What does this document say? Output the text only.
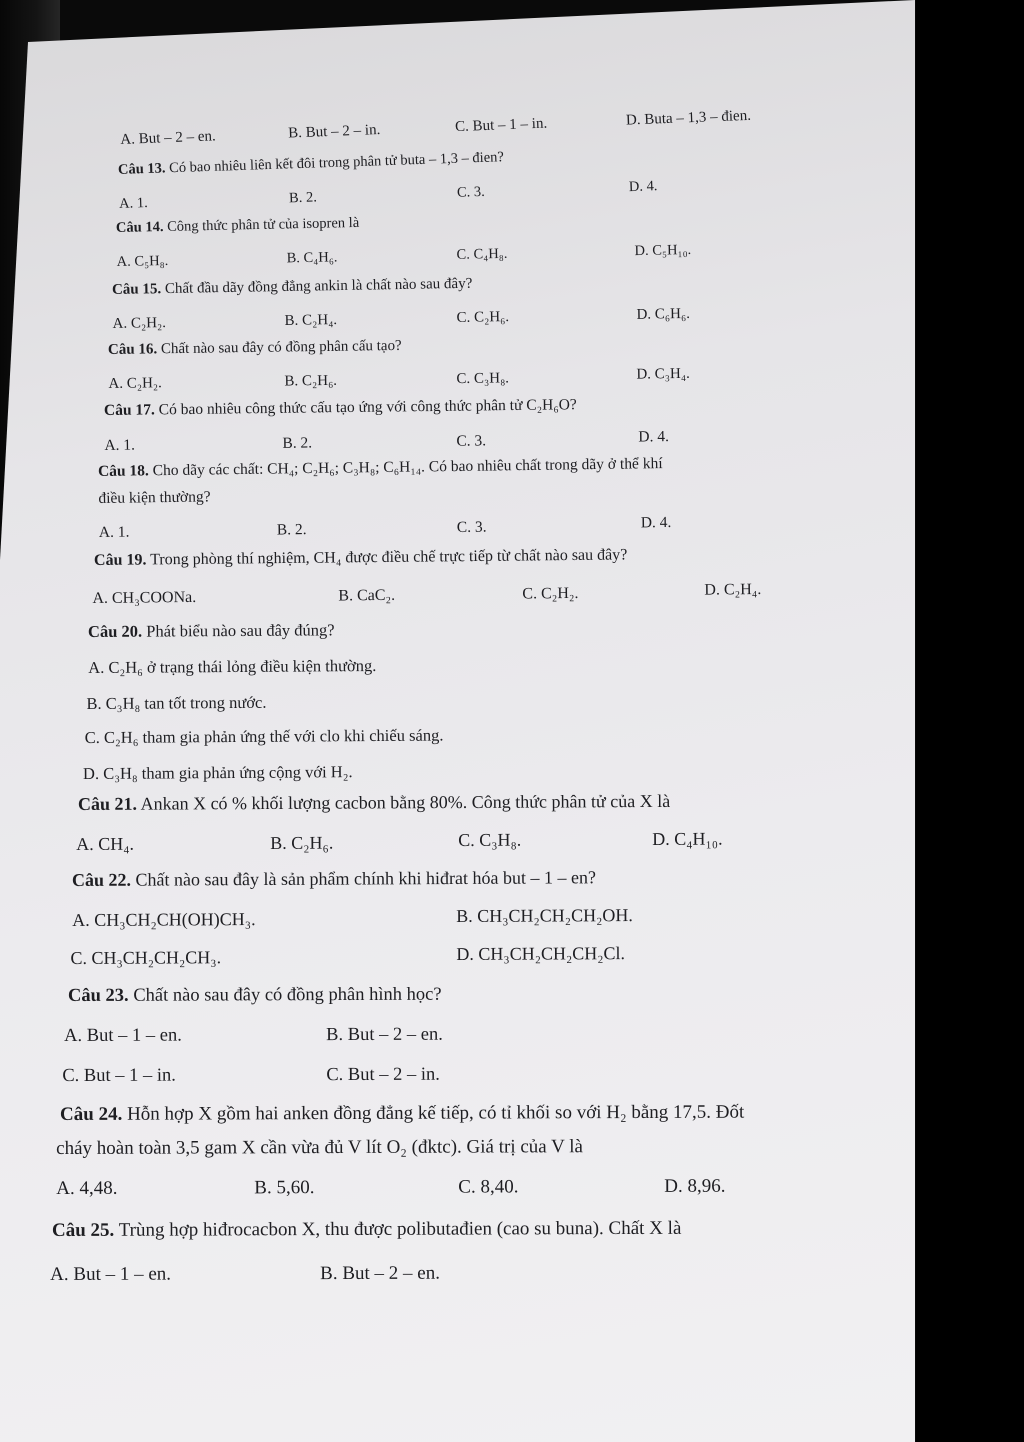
A. But – 2 – en.	B. But – 2 – in.	C. But – 1 – in.	D. Buta – 1,3 – đien.
Câu 13. Có bao nhiêu liên kết đôi trong phân tử buta – 1,3 – đien?
A. 1.	B. 2.	C. 3.	D. 4.
Câu 14. Công thức phân tử của isopren là
A. C₅H₈.	B. C₄H₆.	C. C₄H₈.	D. C₅H₁₀.
Câu 15. Chất đầu dãy đồng đẳng ankin là chất nào sau đây?
A. C₂H₂.	B. C₂H₄.	C. C₂H₆.	D. C₆H₆.
Câu 16. Chất nào sau đây có đồng phân cấu tạo?
A. C₂H₂.	B. C₂H₆.	C. C₃H₈.	D. C₃H₄.
Câu 17. Có bao nhiêu công thức cấu tạo ứng với công thức phân tử C₂H₆O?
A. 1.	B. 2.	C. 3.	D. 4.
Câu 18. Cho dãy các chất: CH₄; C₂H₆; C₃H₈; C₆H₁₄. Có bao nhiêu chất trong dãy ở thể khí
điều kiện thường?
A. 1.	B. 2.	C. 3.	D. 4.
Câu 19. Trong phòng thí nghiệm, CH₄ được điều chế trực tiếp từ chất nào sau đây?
A. CH₃COONa.	B. CaC₂.	C. C₂H₂.	D. C₂H₄.
Câu 20. Phát biểu nào sau đây đúng?
A. C₂H₆ ở trạng thái lỏng điều kiện thường.
B. C₃H₈ tan tốt trong nước.
C. C₂H₆ tham gia phản ứng thế với clo khi chiếu sáng.
D. C₃H₈ tham gia phản ứng cộng với H₂.
Câu 21. Ankan X có % khối lượng cacbon bằng 80%. Công thức phân tử của X là
A. CH₄.	B. C₂H₆.	C. C₃H₈.	D. C₄H₁₀.
Câu 22. Chất nào sau đây là sản phẩm chính khi hiđrat hóa but – 1 – en?
A. CH₃CH₂CH(OH)CH₃.	B. CH₃CH₂CH₂CH₂OH.
C. CH₃CH₂CH₂CH₃.	D. CH₃CH₂CH₂CH₂Cl.
Câu 23. Chất nào sau đây có đồng phân hình học?
A. But – 1 – en.	B. But – 2 – en.
C. But – 1 – in.	C. But – 2 – in.
Câu 24. Hỗn hợp X gồm hai anken đồng đẳng kế tiếp, có tỉ khối so với H₂ bằng 17,5. Đốt
cháy hoàn toàn 3,5 gam X cần vừa đủ V lít O₂ (đktc). Giá trị của V là
A. 4,48.	B. 5,60.	C. 8,40.	D. 8,96.
Câu 25. Trùng hợp hiđrocacbon X, thu được polibutađien (cao su buna). Chất X là
A. But – 1 – en.	B. But – 2 – en.
